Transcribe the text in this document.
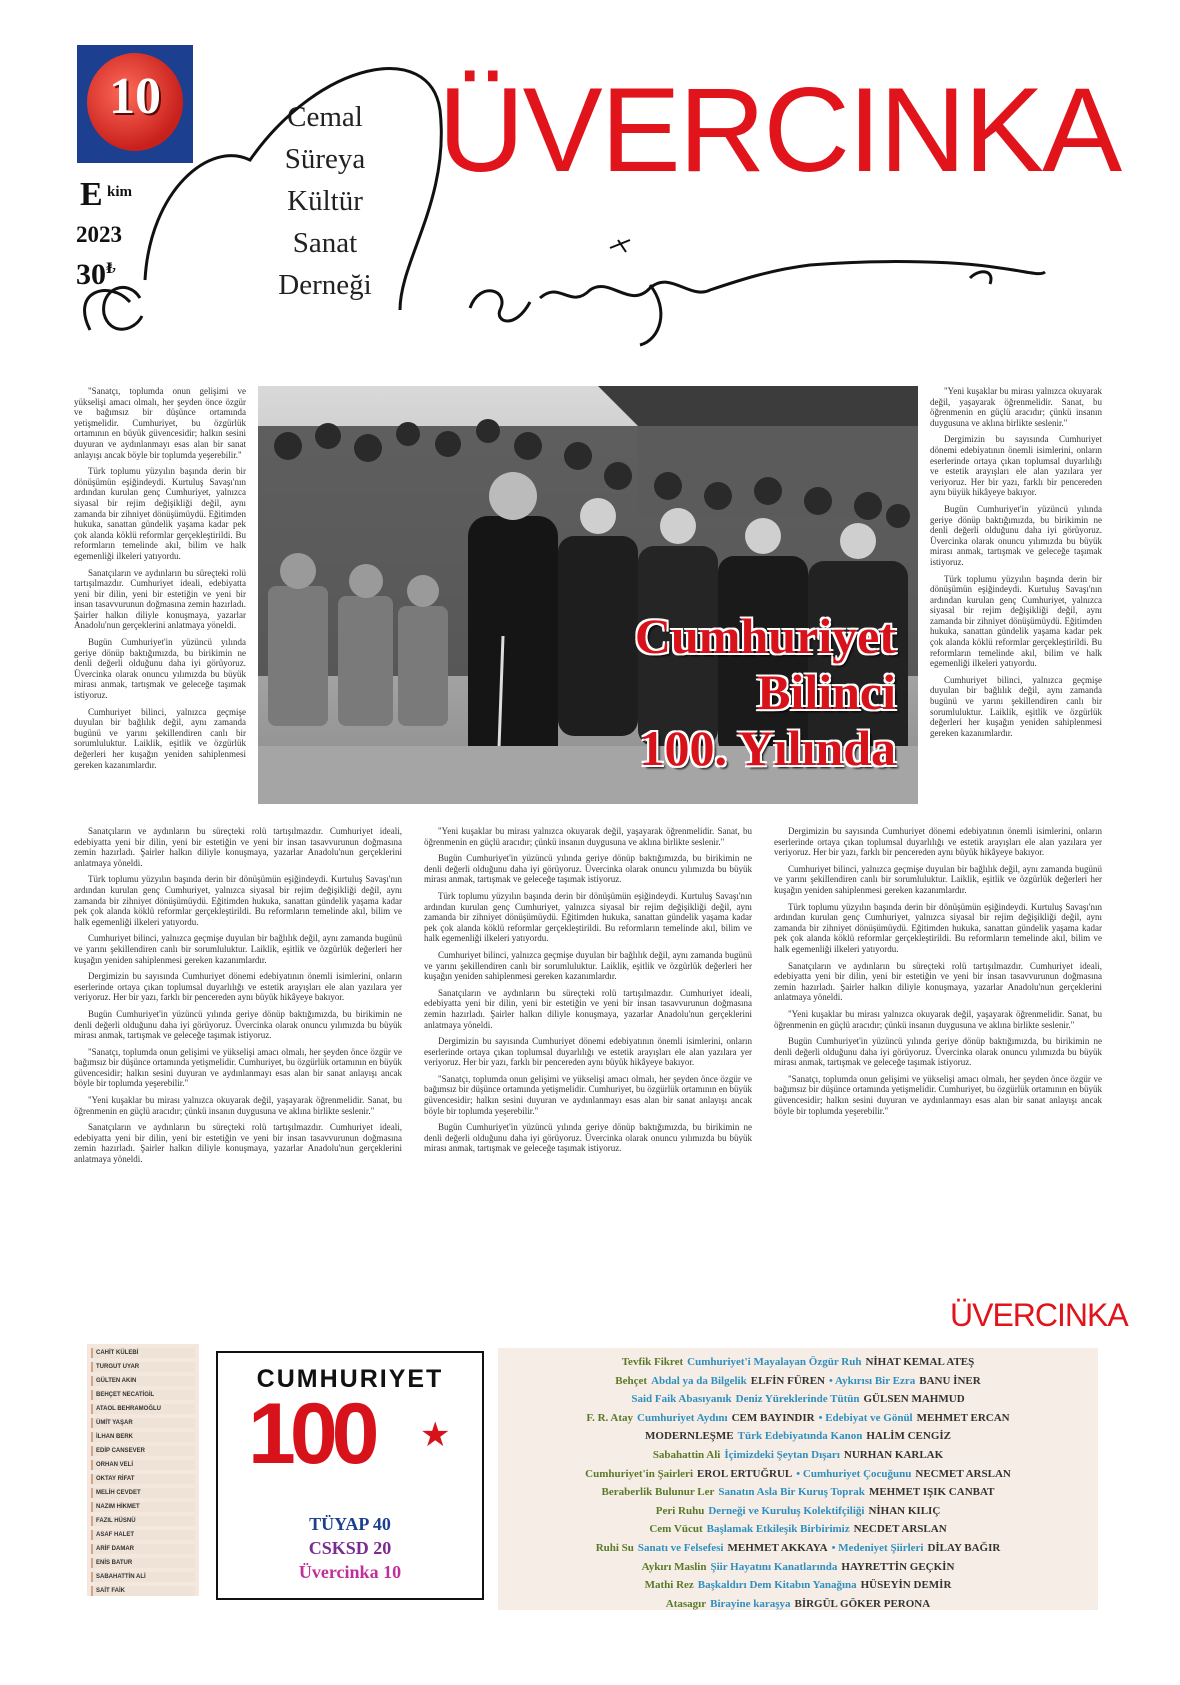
10
E kim
2023
30₺
Cemal
Süreya
Kültür
Sanat
Derneği
ÜVERCINKA

"Sanatçı, toplumda onun gelişimi ve yükselişi amacı olmalı, her şeyden önce özgür ve bağımsız bir düşünce ortamında yetişmelidir. Cumhuriyet, bu özgürlük ortamının en büyük güvencesidir; halkın sesini duyuran ve aydınlanmayı esas alan bir sanat anlayışı ancak böyle bir toplumda yeşerebilir."

Türk toplumu yüzyılın başında derin bir dönüşümün eşiğindeydi. Kurtuluş Savaşı'nın ardından kurulan genç Cumhuriyet, yalnızca siyasal bir rejim değişikliği değil, aynı zamanda bir zihniyet dönüşümüydü. Eğitimden hukuka, sanattan gündelik yaşama kadar pek çok alanda köklü reformlar gerçekleştirildi. Bu reformların temelinde akıl, bilim ve halk egemenliği ilkeleri yatıyordu.

Sanatçıların ve aydınların bu süreçteki rolü tartışılmazdır. Cumhuriyet ideali, edebiyatta yeni bir dilin, yeni bir estetiğin ve yeni bir insan tasavvurunun doğmasına zemin hazırladı. Şairler halkın diliyle konuşmaya, yazarlar Anadolu'nun gerçeklerini anlatmaya yöneldi.

Bugün Cumhuriyet'in yüzüncü yılında geriye dönüp baktığımızda, bu birikimin ne denli değerli olduğunu daha iyi görüyoruz. Üvercinka olarak onuncu yılımızda bu büyük mirası anmak, tartışmak ve geleceğe taşımak istiyoruz.

Cumhuriyet bilinci, yalnızca geçmişe duyulan bir bağlılık değil, aynı zamanda bugünü ve yarını şekillendiren canlı bir sorumluluktur. Laiklik, eşitlik ve özgürlük değerleri her kuşağın yeniden sahiplenmesi gereken kazanımlardır.

"Yeni kuşaklar bu mirası yalnızca okuyarak değil, yaşayarak öğrenmelidir. Sanat, bu öğrenmenin en güçlü aracıdır; çünkü insanın duygusuna ve aklına birlikte seslenir."

Dergimizin bu sayısında Cumhuriyet dönemi edebiyatının önemli isimlerini, onların eserlerinde ortaya çıkan toplumsal duyarlılığı ve estetik arayışları ele alan yazılara yer veriyoruz. Her bir yazı, farklı bir pencereden aynı büyük hikâyeye bakıyor.

Bugün Cumhuriyet'in yüzüncü yılında geriye dönüp baktığımızda, bu birikimin ne denli değerli olduğunu daha iyi görüyoruz. Üvercinka olarak onuncu yılımızda bu büyük mirası anmak, tartışmak ve geleceğe taşımak istiyoruz.

Türk toplumu yüzyılın başında derin bir dönüşümün eşiğindeydi. Kurtuluş Savaşı'nın ardından kurulan genç Cumhuriyet, yalnızca siyasal bir rejim değişikliği değil, aynı zamanda bir zihniyet dönüşümüydü. Eğitimden hukuka, sanattan gündelik yaşama kadar pek çok alanda köklü reformlar gerçekleştirildi. Bu reformların temelinde akıl, bilim ve halk egemenliği ilkeleri yatıyordu.

Cumhuriyet bilinci, yalnızca geçmişe duyulan bir bağlılık değil, aynı zamanda bugünü ve yarını şekillendiren canlı bir sorumluluktur. Laiklik, eşitlik ve özgürlük değerleri her kuşağın yeniden sahiplenmesi gereken kazanımlardır.

Cumhuriyet
Bilinci
100. Yılında

Sanatçıların ve aydınların bu süreçteki rolü tartışılmazdır. Cumhuriyet ideali, edebiyatta yeni bir dilin, yeni bir estetiğin ve yeni bir insan tasavvurunun doğmasına zemin hazırladı. Şairler halkın diliyle konuşmaya, yazarlar Anadolu'nun gerçeklerini anlatmaya yöneldi.

Türk toplumu yüzyılın başında derin bir dönüşümün eşiğindeydi. Kurtuluş Savaşı'nın ardından kurulan genç Cumhuriyet, yalnızca siyasal bir rejim değişikliği değil, aynı zamanda bir zihniyet dönüşümüydü. Eğitimden hukuka, sanattan gündelik yaşama kadar pek çok alanda köklü reformlar gerçekleştirildi. Bu reformların temelinde akıl, bilim ve halk egemenliği ilkeleri yatıyordu.

Cumhuriyet bilinci, yalnızca geçmişe duyulan bir bağlılık değil, aynı zamanda bugünü ve yarını şekillendiren canlı bir sorumluluktur. Laiklik, eşitlik ve özgürlük değerleri her kuşağın yeniden sahiplenmesi gereken kazanımlardır.

Dergimizin bu sayısında Cumhuriyet dönemi edebiyatının önemli isimlerini, onların eserlerinde ortaya çıkan toplumsal duyarlılığı ve estetik arayışları ele alan yazılara yer veriyoruz. Her bir yazı, farklı bir pencereden aynı büyük hikâyeye bakıyor.

Bugün Cumhuriyet'in yüzüncü yılında geriye dönüp baktığımızda, bu birikimin ne denli değerli olduğunu daha iyi görüyoruz. Üvercinka olarak onuncu yılımızda bu büyük mirası anmak, tartışmak ve geleceğe taşımak istiyoruz.

"Sanatçı, toplumda onun gelişimi ve yükselişi amacı olmalı, her şeyden önce özgür ve bağımsız bir düşünce ortamında yetişmelidir. Cumhuriyet, bu özgürlük ortamının en büyük güvencesidir; halkın sesini duyuran ve aydınlanmayı esas alan bir sanat anlayışı ancak böyle bir toplumda yeşerebilir."

"Yeni kuşaklar bu mirası yalnızca okuyarak değil, yaşayarak öğrenmelidir. Sanat, bu öğrenmenin en güçlü aracıdır; çünkü insanın duygusuna ve aklına birlikte seslenir."

Sanatçıların ve aydınların bu süreçteki rolü tartışılmazdır. Cumhuriyet ideali, edebiyatta yeni bir dilin, yeni bir estetiğin ve yeni bir insan tasavvurunun doğmasına zemin hazırladı. Şairler halkın diliyle konuşmaya, yazarlar Anadolu'nun gerçeklerini anlatmaya yöneldi.

"Yeni kuşaklar bu mirası yalnızca okuyarak değil, yaşayarak öğrenmelidir. Sanat, bu öğrenmenin en güçlü aracıdır; çünkü insanın duygusuna ve aklına birlikte seslenir."

Bugün Cumhuriyet'in yüzüncü yılında geriye dönüp baktığımızda, bu birikimin ne denli değerli olduğunu daha iyi görüyoruz. Üvercinka olarak onuncu yılımızda bu büyük mirası anmak, tartışmak ve geleceğe taşımak istiyoruz.

Türk toplumu yüzyılın başında derin bir dönüşümün eşiğindeydi. Kurtuluş Savaşı'nın ardından kurulan genç Cumhuriyet, yalnızca siyasal bir rejim değişikliği değil, aynı zamanda bir zihniyet dönüşümüydü. Eğitimden hukuka, sanattan gündelik yaşama kadar pek çok alanda köklü reformlar gerçekleştirildi. Bu reformların temelinde akıl, bilim ve halk egemenliği ilkeleri yatıyordu.

Cumhuriyet bilinci, yalnızca geçmişe duyulan bir bağlılık değil, aynı zamanda bugünü ve yarını şekillendiren canlı bir sorumluluktur. Laiklik, eşitlik ve özgürlük değerleri her kuşağın yeniden sahiplenmesi gereken kazanımlardır.

Sanatçıların ve aydınların bu süreçteki rolü tartışılmazdır. Cumhuriyet ideali, edebiyatta yeni bir dilin, yeni bir estetiğin ve yeni bir insan tasavvurunun doğmasına zemin hazırladı. Şairler halkın diliyle konuşmaya, yazarlar Anadolu'nun gerçeklerini anlatmaya yöneldi.

Dergimizin bu sayısında Cumhuriyet dönemi edebiyatının önemli isimlerini, onların eserlerinde ortaya çıkan toplumsal duyarlılığı ve estetik arayışları ele alan yazılara yer veriyoruz. Her bir yazı, farklı bir pencereden aynı büyük hikâyeye bakıyor.

"Sanatçı, toplumda onun gelişimi ve yükselişi amacı olmalı, her şeyden önce özgür ve bağımsız bir düşünce ortamında yetişmelidir. Cumhuriyet, bu özgürlük ortamının en büyük güvencesidir; halkın sesini duyuran ve aydınlanmayı esas alan bir sanat anlayışı ancak böyle bir toplumda yeşerebilir."

Bugün Cumhuriyet'in yüzüncü yılında geriye dönüp baktığımızda, bu birikimin ne denli değerli olduğunu daha iyi görüyoruz. Üvercinka olarak onuncu yılımızda bu büyük mirası anmak, tartışmak ve geleceğe taşımak istiyoruz.

Dergimizin bu sayısında Cumhuriyet dönemi edebiyatının önemli isimlerini, onların eserlerinde ortaya çıkan toplumsal duyarlılığı ve estetik arayışları ele alan yazılara yer veriyoruz. Her bir yazı, farklı bir pencereden aynı büyük hikâyeye bakıyor.

Cumhuriyet bilinci, yalnızca geçmişe duyulan bir bağlılık değil, aynı zamanda bugünü ve yarını şekillendiren canlı bir sorumluluktur. Laiklik, eşitlik ve özgürlük değerleri her kuşağın yeniden sahiplenmesi gereken kazanımlardır.

Türk toplumu yüzyılın başında derin bir dönüşümün eşiğindeydi. Kurtuluş Savaşı'nın ardından kurulan genç Cumhuriyet, yalnızca siyasal bir rejim değişikliği değil, aynı zamanda bir zihniyet dönüşümüydü. Eğitimden hukuka, sanattan gündelik yaşama kadar pek çok alanda köklü reformlar gerçekleştirildi. Bu reformların temelinde akıl, bilim ve halk egemenliği ilkeleri yatıyordu.

Sanatçıların ve aydınların bu süreçteki rolü tartışılmazdır. Cumhuriyet ideali, edebiyatta yeni bir dilin, yeni bir estetiğin ve yeni bir insan tasavvurunun doğmasına zemin hazırladı. Şairler halkın diliyle konuşmaya, yazarlar Anadolu'nun gerçeklerini anlatmaya yöneldi.

"Yeni kuşaklar bu mirası yalnızca okuyarak değil, yaşayarak öğrenmelidir. Sanat, bu öğrenmenin en güçlü aracıdır; çünkü insanın duygusuna ve aklına birlikte seslenir."

Bugün Cumhuriyet'in yüzüncü yılında geriye dönüp baktığımızda, bu birikimin ne denli değerli olduğunu daha iyi görüyoruz. Üvercinka olarak onuncu yılımızda bu büyük mirası anmak, tartışmak ve geleceğe taşımak istiyoruz.

"Sanatçı, toplumda onun gelişimi ve yükselişi amacı olmalı, her şeyden önce özgür ve bağımsız bir düşünce ortamında yetişmelidir. Cumhuriyet, bu özgürlük ortamının en büyük güvencesidir; halkın sesini duyuran ve aydınlanmayı esas alan bir sanat anlayışı ancak böyle bir toplumda yeşerebilir."

ÜVERCINKA
CAHİT KÜLEBİ
TURGUT UYAR
GÜLTEN AKIN
BEHÇET NECATİGİL
ATAOL BEHRAMOĞLU
ÜMİT YAŞAR
İLHAN BERK
EDİP CANSEVER
ORHAN VELİ
OKTAY RİFAT
MELİH CEVDET
NAZIM HİKMET
FAZIL HÜSNÜ
ASAF HALET
ARİF DAMAR
ENİS BATUR
SABAHATTİN ALİ
SAİT FAİK
CUMHURIYET
100 ★
TÜYAP 40
CSKSD 20
Üvercinka 10
Tevfik Fikret Cumhuriyet'i Mayalayan Özgür Ruh NİHAT KEMAL ATEŞ
Behçet Abdal ya da Bilgelik ELFİN FÜREN • Aykırısı Bir Ezra BANU İNER
Said Faik Abasıyanık Deniz Yüreklerinde Tütün GÜLSEN MAHMUD
F. R. Atay Cumhuriyet Aydını CEM BAYINDIR • Edebiyat ve Gönül MEHMET ERCAN
MODERNLEŞME Türk Edebiyatında Kanon HALİM CENGİZ
Sabahattin Ali İçimizdeki Şeytan Dışarı NURHAN KARLAK
Cumhuriyet'in Şairleri EROL ERTUĞRUL • Cumhuriyet Çocuğunu NECMET ARSLAN
Beraberlik Bulunur Ler Sanatın Asla Bir Kuruş Toprak MEHMET IŞIK CANBAT
Peri Ruhu Derneği ve Kuruluş Kolektifçiliği NİHAN KILIÇ
Cem Vücut Başlamak Etkileşik Birbirimiz NECDET ARSLAN
Ruhi Su Sanatı ve Felsefesi MEHMET AKKAYA • Medeniyet Şiirleri DİLAY BAĞIR
Aykırı Maslin Şiir Hayatını Kanatlarında HAYRETTİN GEÇKİN
Mathi Rez Başkaldırı Dem Kitabın Yanağına HÜSEYİN DEMİR
Atasagır Birayine karaşya BİRGÜL GÖKER PERONA
